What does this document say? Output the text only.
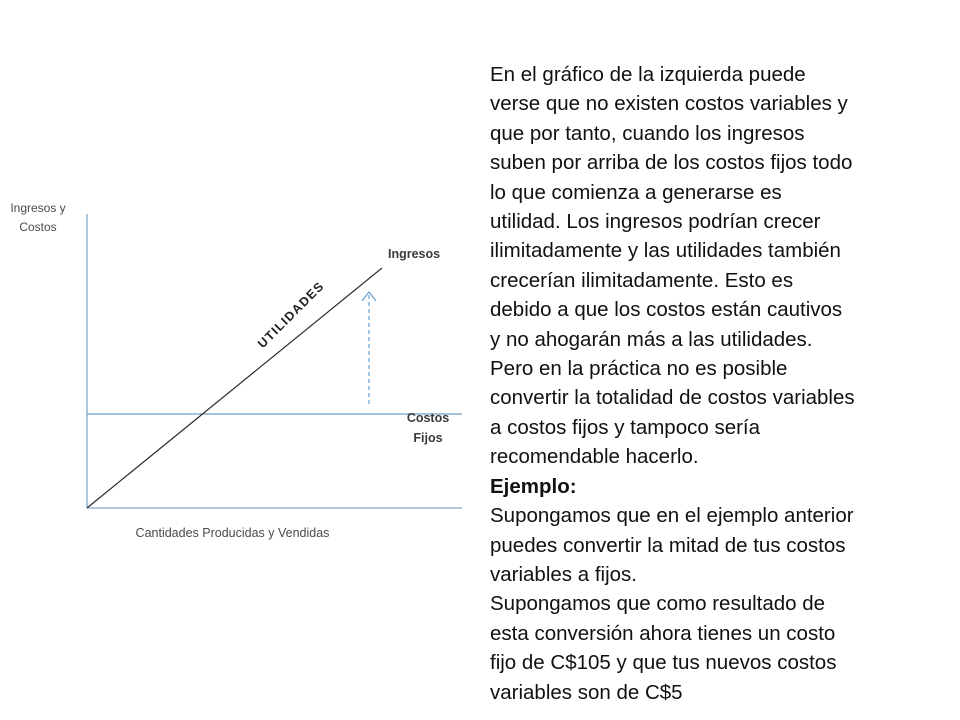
Ingresos y
Costos
Cantidades Producidas y Vendidas
Ingresos
Costos
Fijos
UTILIDADES

En el gráfico de la izquierda puede

verse que no existen costos variables y

que por tanto, cuando los ingresos

suben por arriba de los costos fijos todo

lo que comienza a generarse es

utilidad. Los ingresos podrían crecer

ilimitadamente y las utilidades también

crecerían ilimitadamente. Esto es

debido a que los costos están cautivos

y no ahogarán más a las utilidades.

Pero en la práctica no es posible

convertir la totalidad de costos variables

a costos fijos y tampoco sería

recomendable hacerlo.

Ejemplo:

Supongamos que en el ejemplo anterior

puedes convertir la mitad de tus costos

variables a fijos.

Supongamos que como resultado de

esta conversión ahora tienes un costo

fijo de C$105 y que tus nuevos costos

variables son de C$5
